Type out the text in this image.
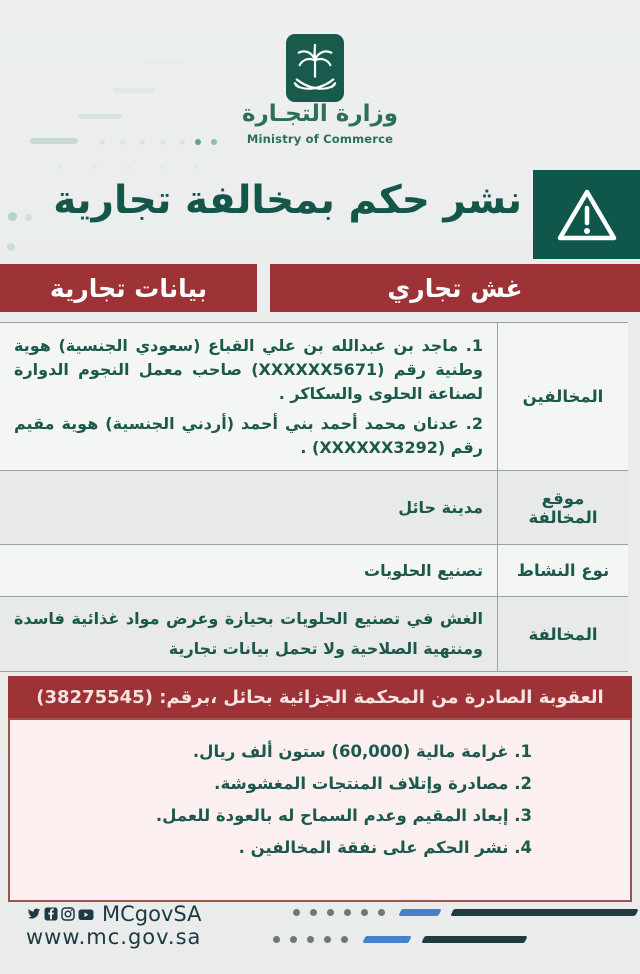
وزارة التجـارة
Ministry of Commerce
نشر حكم بمخالفة تجارية
غش تجاري
بيانات تجارية

1. ماجد بن عبدالله بن علي القباع (سعودي الجنسية) هوية وطنية رقم (XXXXXX5671) صاحب معمل النجوم الدوارة لصناعة الحلوى والسكاكر .

2. عدنان محمد أحمد بني أحمد (أردني الجنسية) هوية مقيم رقم (XXXXXX3292) .

المخالفين

مدينة حائل	موقع المخالفة

تصنيع الحلويات نوع النشاط

الغش في تصنيع الحلويات بحيازة وعرض مواد غذائية فاسدة ومنتهية الصلاحية ولا تحمل بيانات تجارية

المخالفة
العقوبة الصادرة من المحكمة الجزائية بحائل ،برقم: (38275545)

1. غرامة مالية (60,000) ستون ألف ريال.

2. مصادرة وإتلاف المنتجات المغشوشة.

3. إبعاد المقيم وعدم السماح له بالعودة للعمل.

4. نشر الحكم على نفقة المخالفين .

MCgovSA
www.mc.gov.sa
